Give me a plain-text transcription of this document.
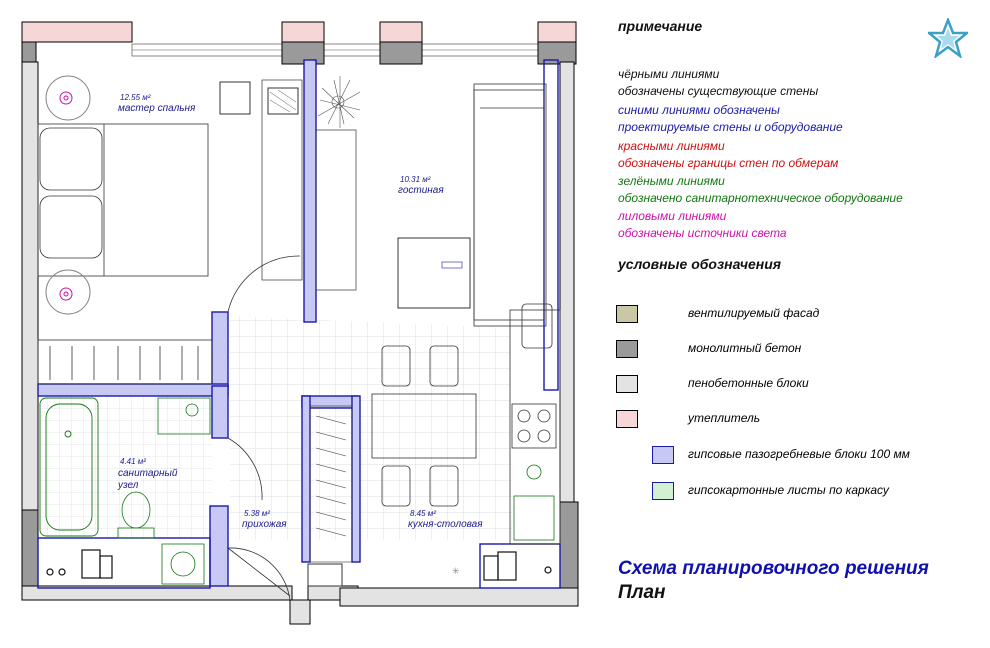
✳
12.55 м²
мастер спальня
10.31 м²
гостиная
4.41 м²
санитарный
узел
5.38 м²
прихожая
8.45 м²
кухня-столовая
примечание
чёрными линиями
обозначены существующие стены
синими линиями обозначены
проектируемые стены и оборудование
красными линиями
обозначены границы стен по обмерам
зелёными линиями
обозначено санитарнотехническое оборудование
лиловыми линиями
обозначены источники света
условные обозначения
вентилируемый фасад
монолитный бетон
пенобетонные блоки
утеплитель
гипсовые пазогребневые блоки 100 мм
гипсокартонные листы по каркасу
Схема планировочного решения
План
